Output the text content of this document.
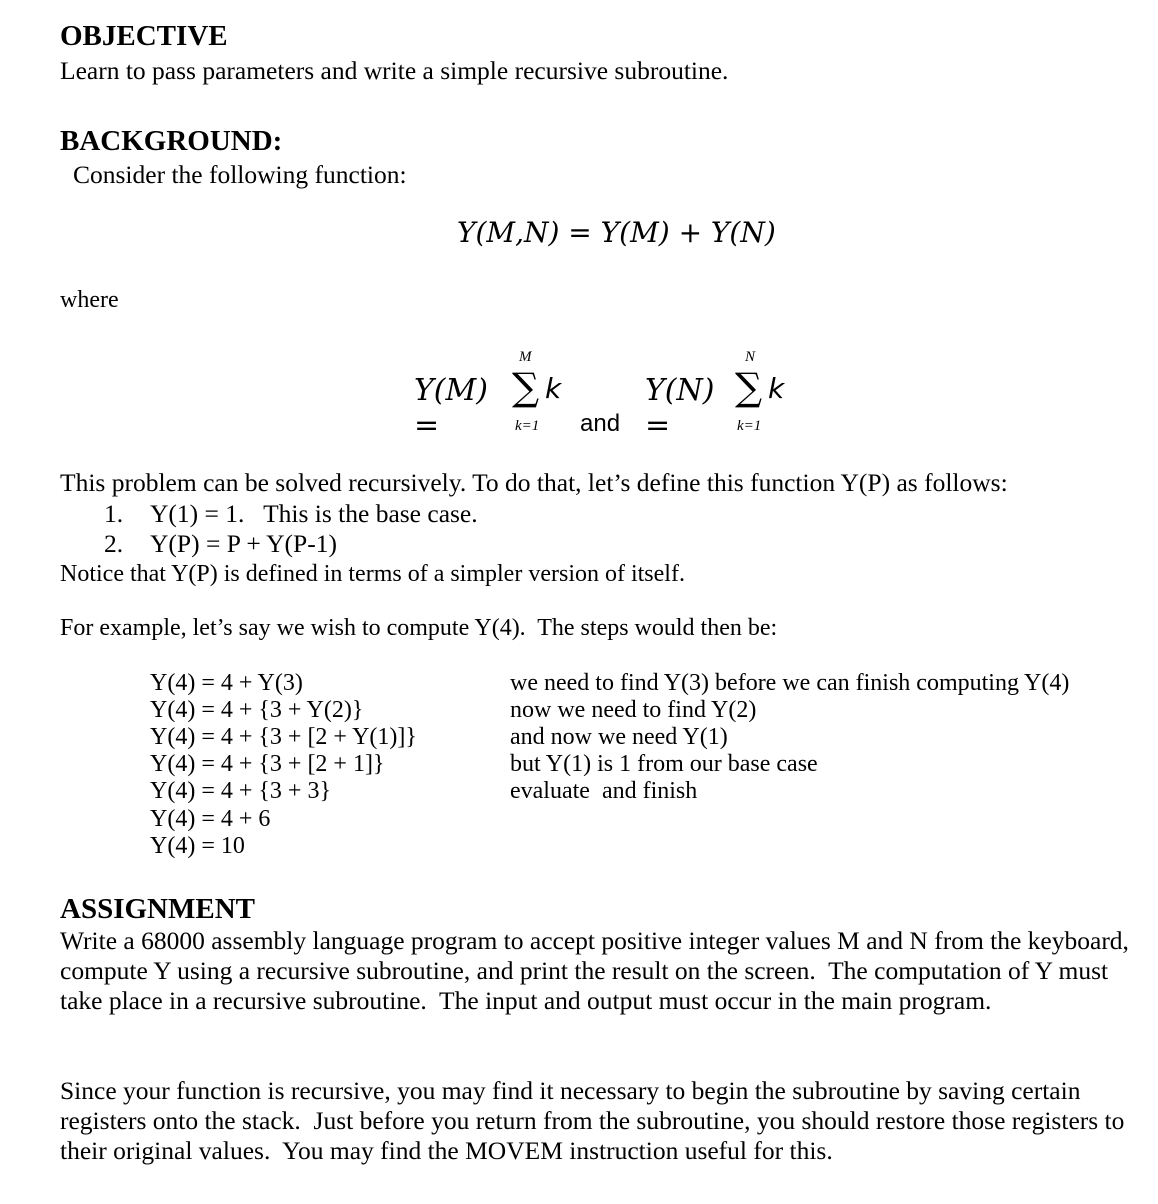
OBJECTIVE
Learn to pass parameters and write a simple recursive subroutine.
BACKGROUND:
Consider the following function:
Y(M,N) = Y(M) + Y(N)
where
Y(M) =
M
∑
k=1
k
and
Y(N) =
N
∑
k=1
k
This problem can be solved recursively. To do that, let’s define this function Y(P) as follows:
1. Y(1) = 1.   This is the base case.
2. Y(P) = P + Y(P-1)
Notice that Y(P) is defined in terms of a simpler version of itself.
For example, let’s say we wish to compute Y(4).  The steps would then be:
Y(4) = 4 + Y(3)
Y(4) = 4 + {3 + Y(2)}
Y(4) = 4 + {3 + [2 + Y(1)]}
Y(4) = 4 + {3 + [2 + 1]}
Y(4) = 4 + {3 + 3}
Y(4) = 4 + 6
Y(4) = 10
we need to find Y(3) before we can finish computing Y(4)
now we need to find Y(2)
and now we need Y(1)
but Y(1) is 1 from our base case
evaluate  and finish
ASSIGNMENT
Write a 68000 assembly language program to accept positive integer values M and N from the keyboard, compute Y using a recursive subroutine, and print the result on the screen.  The computation of Y must take place in a recursive subroutine.  The input and output must occur in the main program.
Since your function is recursive, you may find it necessary to begin the subroutine by saving certain registers onto the stack.  Just before you return from the subroutine, you should restore those registers to their original values.  You may find the MOVEM instruction useful for this.
